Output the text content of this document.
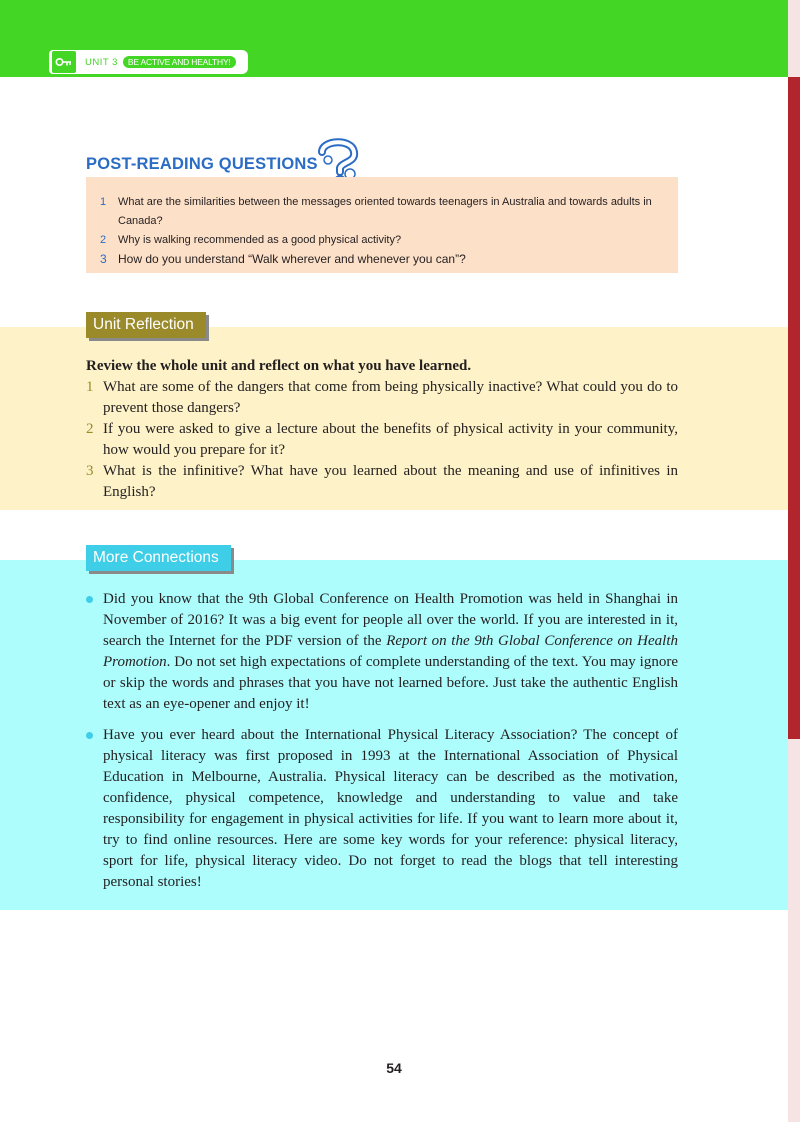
UNIT 3	BE ACTIVE AND HEALTHY!
POST-READING QUESTIONS
1	What are the similarities between the messages oriented towards teenagers in Australia and towards adults in Canada?
2	Why is walking recommended as a good physical activity?
3 How do you understand “Walk wherever and whenever you can”?
Unit Reflection
Review the whole unit and reflect on what you have learned.
1 What are some of the dangers that come from being physically inactive? What could you do to prevent those dangers?
2 If you were asked to give a lecture about the benefits of physical activity in your community, how would you prepare for it?
3 What is the infinitive? What have you learned about the meaning and use of infinitives in English?
More Connections
Did you know that the 9th Global Conference on Health Promotion was held in Shanghai in November of 2016? It was a big event for people all over the world. If you are interested in it, search the Internet for the PDF version of the Report on the 9th Global Conference on Health Promotion. Do not set high expectations of complete understanding of the text. You may ignore or skip the words and phrases that you have not learned before. Just take the authentic English text as an eye-opener and enjoy it!
Have you ever heard about the International Physical Literacy Association? The concept of physical literacy was first proposed in 1993 at the International Association of Physical Education in Melbourne, Australia. Physical literacy can be described as the motivation, confidence, physical competence, knowledge and understanding to value and take responsibility for engagement in physical activities for life. If you want to learn more about it, try to find online resources. Here are some key words for your reference: physical literacy, sport for life, physical literacy video. Do not forget to read the blogs that tell interesting personal stories!
54
